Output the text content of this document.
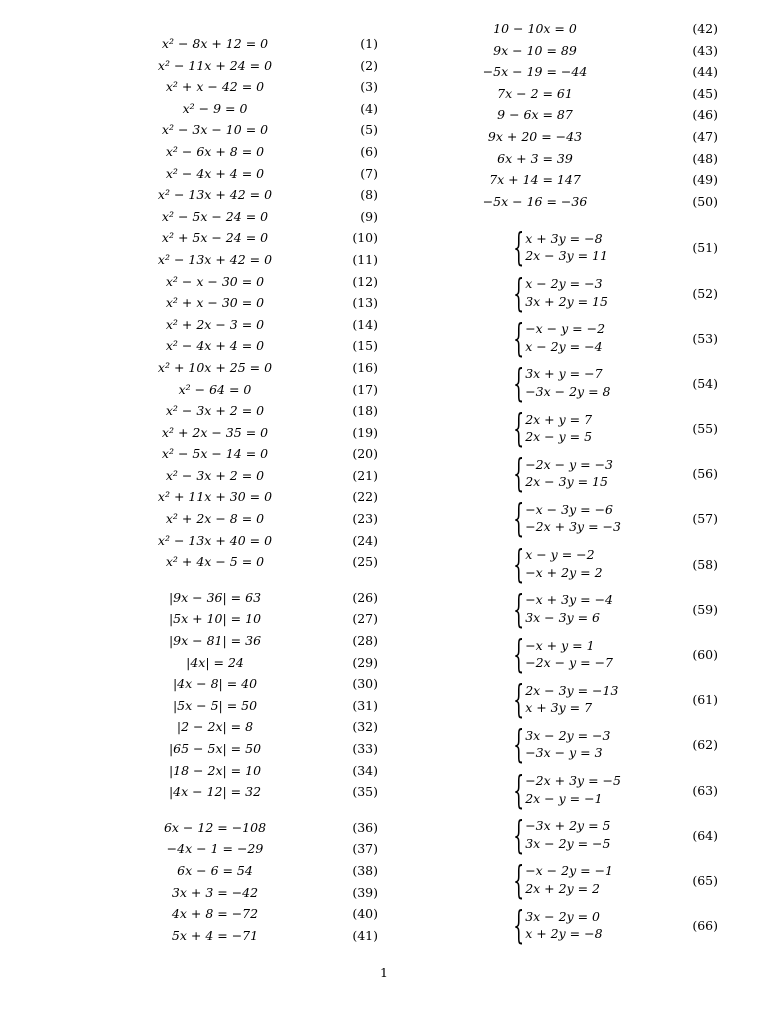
x² − 8x + 12 = 0	(1)
x² − 11x + 24 = 0	(2)
x² + x − 42 = 0	(3)
x² − 9 = 0	(4)
x² − 3x − 10 = 0	(5)
x² − 6x + 8 = 0	(6)
x² − 4x + 4 = 0	(7)
x² − 13x + 42 = 0	(8)
x² − 5x − 24 = 0	(9)
x² + 5x − 24 = 0	(10)
x² − 13x + 42 = 0	(11)
x² − x − 30 = 0	(12)
x² + x − 30 = 0	(13)
x² + 2x − 3 = 0	(14)
x² − 4x + 4 = 0	(15)
x² + 10x + 25 = 0	(16)
x² − 64 = 0	(17)
x² − 3x + 2 = 0	(18)
x² + 2x − 35 = 0	(19)
x² − 5x − 14 = 0	(20)
x² − 3x + 2 = 0	(21)
x² + 11x + 30 = 0	(22)
x² + 2x − 8 = 0	(23)
x² − 13x + 40 = 0	(24)
x² + 4x − 5 = 0	(25)
|9x − 36| = 63	(26)
|5x + 10| = 10	(27)
|9x − 81| = 36	(28)
|4x| = 24	(29)
|4x − 8| = 40	(30)
|5x − 5| = 50	(31)
|2 − 2x| = 8	(32)
|65 − 5x| = 50	(33)
|18 − 2x| = 10	(34)
|4x − 12| = 32	(35)
6x − 12 = −108	(36)
−4x − 1 = −29	(37)
6x − 6 = 54	(38)
3x + 3 = −42	(39)
4x + 8 = −72	(40)
5x + 4 = −71	(41)
10 − 10x = 0	(42)
9x − 10 = 89	(43)
−5x − 19 = −44	(44)
7x − 2 = 61	(45)
9 − 6x = 87	(46)
9x + 20 = −43	(47)
6x + 3 = 39	(48)
7x + 14 = 147	(49)
−5x − 16 = −36	(50)
{ x + 3y = −8
2x − 3y = 11
(51)
{ x − 2y = −3
3x + 2y = 15
(52)
{ −x − y = −2
x − 2y = −4
(53)
{ 3x + y = −7
−3x − 2y = 8
(54)
{ 2x + y = 7
2x − y = 5
(55)
{ −2x − y = −3
2x − 3y = 15
(56)
{ −x − 3y = −6
−2x + 3y = −3
(57)
{ x − y = −2
−x + 2y = 2
(58)
{ −x + 3y = −4
3x − 3y = 6
(59)
{ −x + y = 1
−2x − y = −7
(60)
{ 2x − 3y = −13
x + 3y = 7
(61)
{ 3x − 2y = −3
−3x − y = 3
(62)
{ −2x + 3y = −5
2x − y = −1
(63)
{ −3x + 2y = 5
3x − 2y = −5
(64)
{ −x − 2y = −1
2x + 2y = 2
(65)
{ 3x − 2y = 0
x + 2y = −8
(66)
1
